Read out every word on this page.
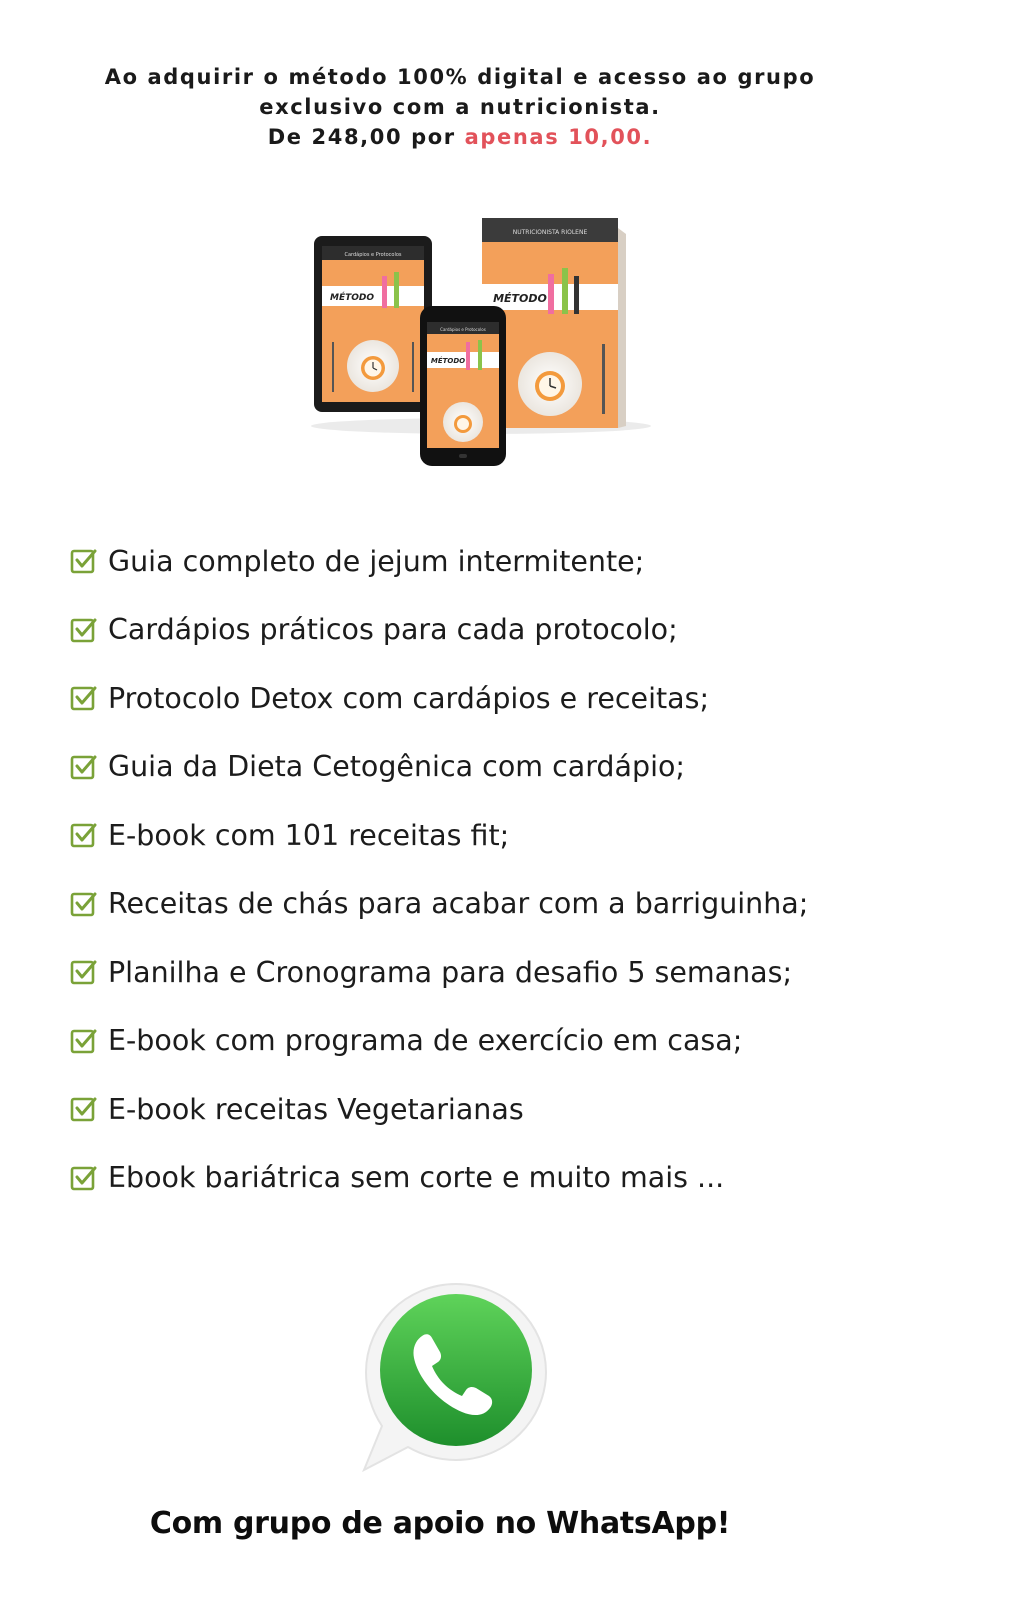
Ao adquirir o método 100% digital e acesso ao grupo
exclusivo com a nutricionista.
De 248,00 por apenas 10,00.
NUTRICIONISTA RIOLENE
MÉTODO
Cardápios e Protocolos
MÉTODO
Cardápios e Protocolos
MÉTODO
Guia completo de jejum intermitente;
Cardápios práticos para cada protocolo;
Protocolo Detox com cardápios e receitas;
Guia da Dieta Cetogênica com cardápio;
E-book com 101 receitas fit;
Receitas de chás para acabar com a barriguinha;
Planilha e Cronograma para desafio 5 semanas;
E-book com programa de exercício em casa;
E-book receitas Vegetarianas
Ebook bariátrica sem corte e muito mais ...
Com grupo de apoio no WhatsApp!
